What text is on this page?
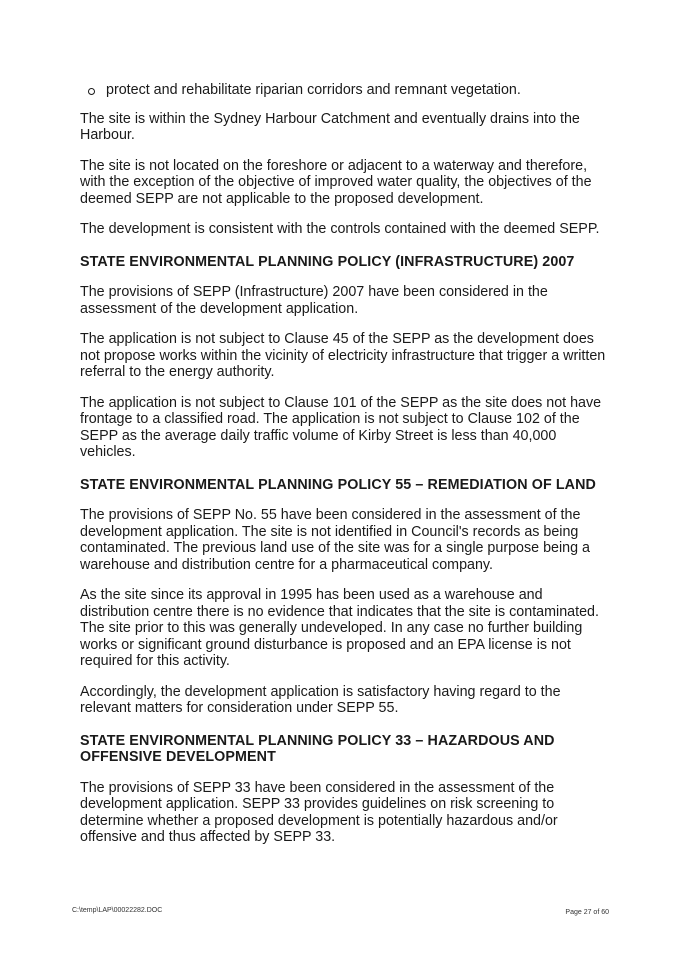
protect and rehabilitate riparian corridors and remnant vegetation.

The site is within the Sydney Harbour Catchment and eventually drains into the Harbour.

The site is not located on the foreshore or adjacent to a waterway and therefore, with the exception of the objective of improved water quality, the objectives of the deemed SEPP are not applicable to the proposed development.

The development is consistent with the controls contained with the deemed SEPP.

STATE ENVIRONMENTAL PLANNING POLICY (INFRASTRUCTURE) 2007

The provisions of SEPP (Infrastructure) 2007 have been considered in the assessment of the development application.

The application is not subject to Clause 45 of the SEPP as the development does not propose works within the vicinity of electricity infrastructure that trigger a written referral to the energy authority.

The application is not subject to Clause 101 of the SEPP as the site does not have frontage to a classified road. The application is not subject to Clause 102 of the SEPP as the average daily traffic volume of Kirby Street is less than 40,000 vehicles.

STATE ENVIRONMENTAL PLANNING POLICY 55 – REMEDIATION OF LAND

The provisions of SEPP No. 55 have been considered in the assessment of the development application. The site is not identified in Council's records as being contaminated. The previous land use of the site was for a single purpose being a warehouse and distribution centre for a pharmaceutical company.

As the site since its approval in 1995 has been used as a warehouse and distribution centre there is no evidence that indicates that the site is contaminated. The site prior to this was generally undeveloped. In any case no further building works or significant ground disturbance is proposed and an EPA license is not required for this activity.

Accordingly, the development application is satisfactory having regard to the relevant matters for consideration under SEPP 55.

STATE ENVIRONMENTAL PLANNING POLICY 33 – HAZARDOUS AND OFFENSIVE DEVELOPMENT

The provisions of SEPP 33 have been considered in the assessment of the development application. SEPP 33 provides guidelines on risk screening to determine whether a proposed development is potentially hazardous and/or offensive and thus affected by SEPP 33.

C:\temp\LAP\00022282.DOC	Page 27 of 60
